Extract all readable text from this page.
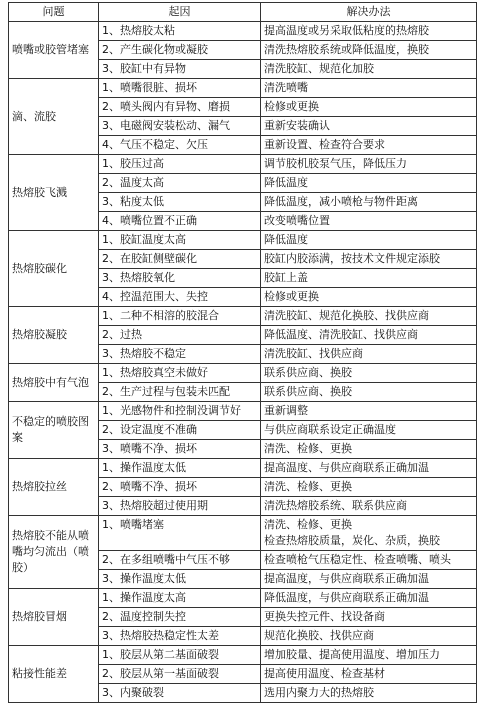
问题	起因	解决办法
喷嘴或胶管堵塞	1、热熔胶太粘	提高温度或另采取低粘度的热熔胶
	2、产生碳化物或凝胶	清洗热熔胶系统或降低温度，换胶
	3、胶缸中有异物	清洗胶缸、规范化加胶
滴、流胶	1、喷嘴很脏、损坏	清洗喷嘴
	2、喷头阀内有异物、磨损	检修或更换
	3、电磁阀安装松动、漏气	重新安装确认
	4、气压不稳定、欠压	重新设置、检查符合要求
热熔胶飞溅	1、胶压过高	调节胶机胶泵气压，降低压力
	2、温度太高	降低温度
	3、粘度太低	降低温度，减小喷枪与物件距离
	4、喷嘴位置不正确	改变喷嘴位置
热熔胶碳化	1、胶缸温度太高	降低温度
	2、在胶缸侧壁碳化	胶缸内胶添满，按技术文件规定添胶
	3、热熔胶氧化	胶缸上盖
	4、控温范围大、失控	检修或更换
热熔胶凝胶	1、二种不相溶的胶混合	清洗胶缸、规范化换胶、找供应商
	2、过热	降低温度、清洗胶缸、找供应商
	3、热熔胶不稳定	清洗胶缸、找供应商
热熔胶中有气泡	1、热熔胶真空未做好	联系供应商、换胶
	2、生产过程与包装未匹配	联系供应商、换胶
不稳定的喷胶图案	1、光感物件和控制没调节好	重新调整
	2、设定温度不准确	与供应商联系设定正确温度
	3、喷嘴不净、损坏	清洗、检修、更换
热熔胶拉丝	1、操作温度太低	提高温度、与供应商联系正确加温
	2、喷嘴不净、损坏	清洗、检修、更换
	3、热熔胶超过使用期	清洗热熔胶系统、联系供应商
热熔胶不能从喷嘴均匀流出（喷胶）	1、喷嘴堵塞	清洗、检修、更换
检查热熔胶质量，炭化、杂质，换胶
	2、在多组喷嘴中气压不够	检查喷枪气压稳定性、检查喷嘴、喷头
	3、操作温度太低	提高温度，与供应商联系正确加温
热熔胶冒烟	1、操作温度太高	降低温度，与供应商联系正确加温
	2、温度控制失控	更换失控元件、找设备商
	3、热熔胶热稳定性太差	规范化换胶、找供应商
粘接性能差	1、胶层从第二基面破裂	增加胶量、提高使用温度、增加压力
	2、胶层从第一基面破裂	提高使用温度、检查基材
	3、内聚破裂	选用内聚力大的热熔胶
